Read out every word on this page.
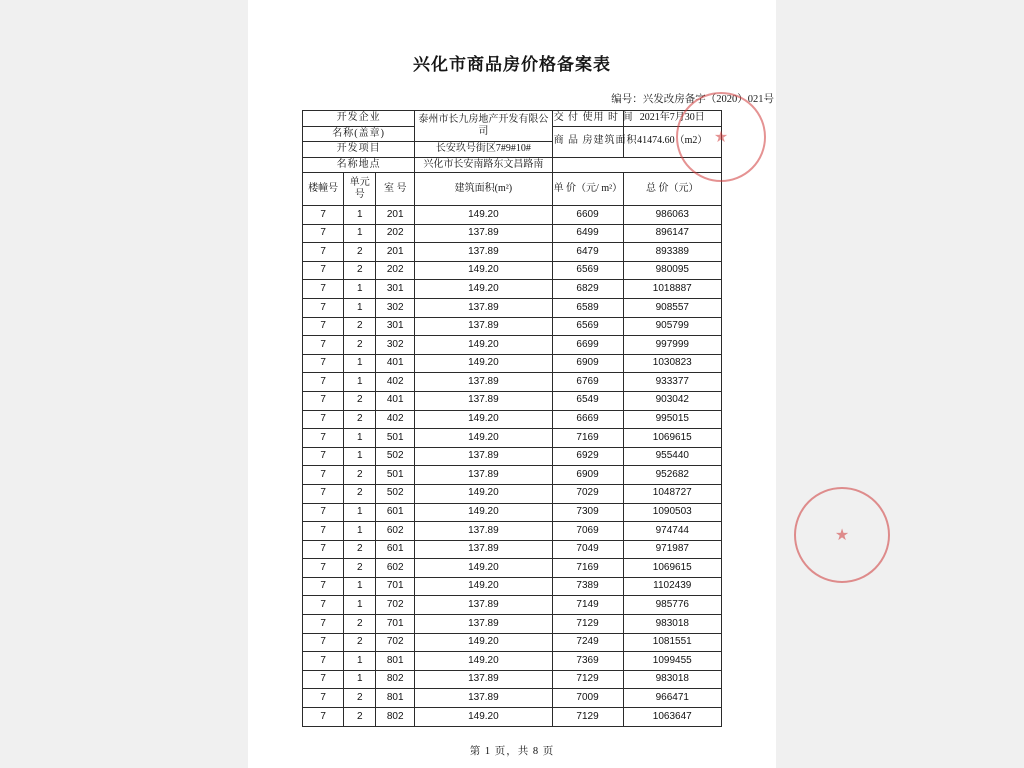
兴化市商品房价格备案表
编号：兴发改房备字（2020）021号
开发企业			泰州市长九房地产开发有限公司	交 付 使用 时 间	2021年7月30日
名称(盖章)				商 品 房建筑面积	41474.60（m2）
开发项目			长安玖号街区7#9#10#		
名称地点			兴化市长安南路东文昌路南		
楼幢号	单元号	室 号	建筑面积(m²)	单 价（元/ m²）	总 价（元）
7	1	201	149.20	6609	986063
7	1	202	137.89	6499	896147
7	2	201	137.89	6479	893389
7	2	202	149.20	6569	980095
7	1	301	149.20	6829	1018887
7	1	302	137.89	6589	908557
7	2	301	137.89	6569	905799
7	2	302	149.20	6699	997999
7	1	401	149.20	6909	1030823
7	1	402	137.89	6769	933377
7	2	401	137.89	6549	903042
7	2	402	149.20	6669	995015
7	1	501	149.20	7169	1069615
7	1	502	137.89	6929	955440
7	2	501	137.89	6909	952682
7	2	502	149.20	7029	1048727
7	1	601	149.20	7309	1090503
7	1	602	137.89	7069	974744
7	2	601	137.89	7049	971987
7	2	602	149.20	7169	1069615
7	1	701	149.20	7389	1102439
7	1	702	137.89	7149	985776
7	2	701	137.89	7129	983018
7	2	702	149.20	7249	1081551
7	1	801	149.20	7369	1099455
7	1	802	137.89	7129	983018
7	2	801	137.89	7009	966471
7	2	802	149.20	7129	1063647
第 1 页，共 8 页
★
★
